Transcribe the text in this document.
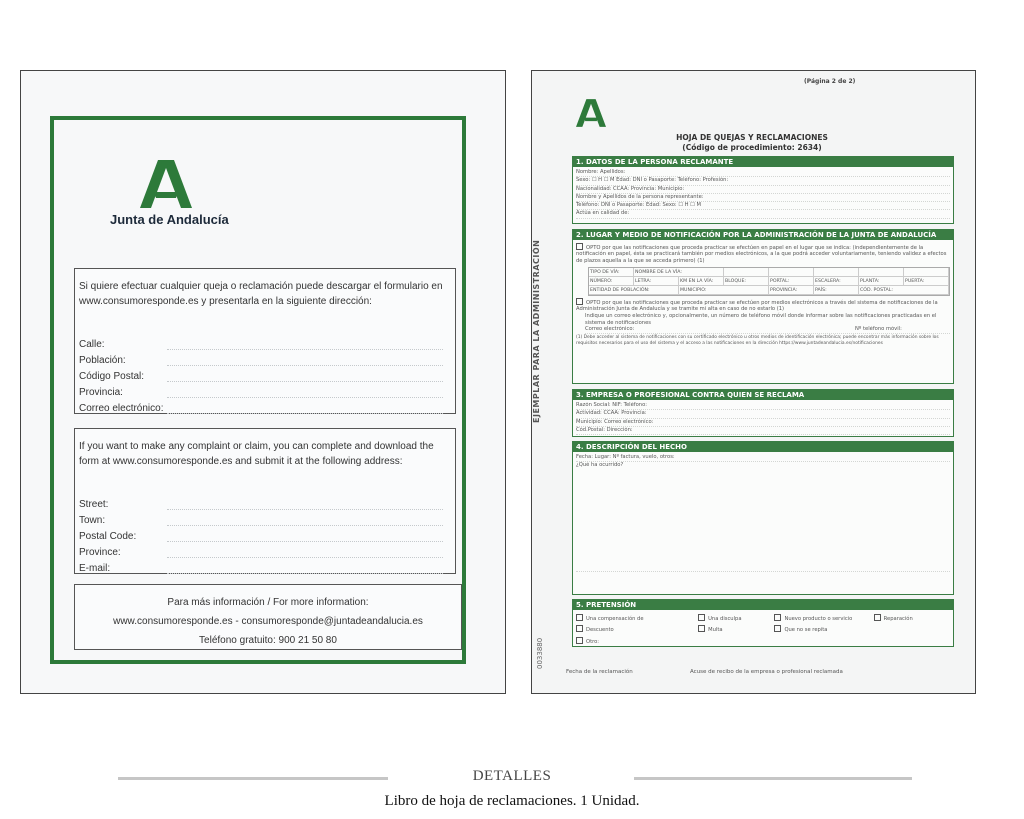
Junta de Andalucía
Si quiere efectuar cualquier queja o reclamación puede descargar el formulario en www.consumoresponde.es y presentarla en la siguiente dirección:
Calle:
Población:
Código Postal:
Provincia:
Correo electrónico:
If you want to make any complaint or claim, you can complete and download the form at www.consumoresponde.es and submit it at the following address:
Street:
Town:
Postal Code:
Province:
E-mail:
Para más información / For more information:
www.consumoresponde.es - consumoresponde@juntadeandalucia.es
Teléfono gratuito: 900 21 50 80
(Página 2 de 2)
HOJA DE QUEJAS Y RECLAMACIONES
(Código de procedimiento: 2634)
EJEMPLAR PARA LA ADMINISTRACIÓN
0033880
1. DATOS DE LA PERSONA RECLAMANTE
Nombre: Apellidos:
Sexo: ☐ H ☐ M Edad: DNI o Pasaporte: Teléfono: Profesión:
Nacionalidad: CCAA: Provincia: Municipio:
Nombre y Apellidos de la persona representante:
Teléfono: DNI o Pasaporte: Edad: Sexo: ☐ H ☐ M
Actúa en calidad de:
2. LUGAR Y MEDIO DE NOTIFICACIÓN POR LA ADMINISTRACIÓN DE LA JUNTA DE ANDALUCÍA
OPTO por que las notificaciones que proceda practicar se efectúen en papel en el lugar que se indica: (independientemente de la notificación en papel, ésta se practicará también por medios electrónicos, a la que podrá acceder voluntariamente, teniendo validez a efectos de plazos aquella a la que se acceda primero) (1)
TIPO DE VÍA:	NOMBRE DE LA VÍA:
NÚMERO:	LETRA:	KM EN LA VÍA:	BLOQUE:	PORTAL:	ESCALERA:	PLANTA:	PUERTA:
ENTIDAD DE POBLACIÓN:	MUNICIPIO:	PROVINCIA:	PAÍS:	CÓD. POSTAL:
OPTO por que las notificaciones que proceda practicar se efectúen por medios electrónicos a través del sistema de notificaciones de la Administración Junta de Andalucía y se tramite mi alta en caso de no estarlo (1)
Indique un correo electrónico y, opcionalmente, un número de teléfono móvil donde informar sobre las notificaciones practicadas en el sistema de notificaciones
Correo electrónico:	Nº teléfono móvil:
(1) Debe acceder al sistema de notificaciones con su certificado electrónico u otros medios de identificación electrónica; puede encontrar más información sobre los requisitos necesarios para el uso del sistema y el acceso a las notificaciones en la dirección https://www.juntadeandalucia.es/notificaciones
3. EMPRESA O PROFESIONAL CONTRA QUIEN SE RECLAMA
Razón Social: NIF: Teléfono:
Actividad: CCAA: Provincia:
Municipio: Correo electrónico:
Cód.Postal: Dirección:
4. DESCRIPCIÓN DEL HECHO
Fecha: Lugar: Nº factura, vuelo, otros:
¿Qué ha ocurrido?
5. PRETENSIÓN
Una compensación de	Una disculpa	Nuevo producto o servicio	Reparación
Descuento	Multa	Que no se repita
Otro:
Fecha de la reclamación	Acuse de recibo de la empresa o profesional reclamada
DETALLES
Libro de hoja de reclamaciones. 1 Unidad.
